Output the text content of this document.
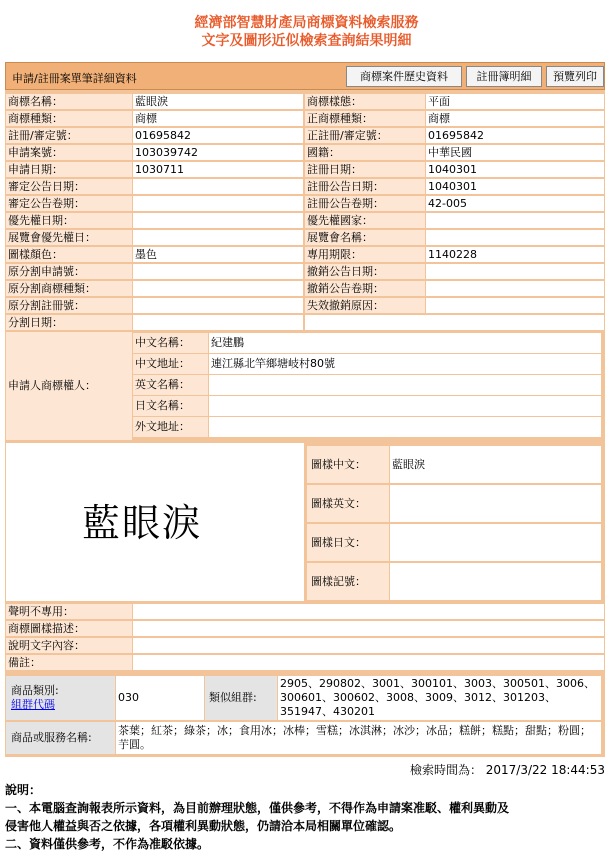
經濟部智慧財產局商標資料檢索服務
文字及圖形近似檢索查詢結果明細
申請/註冊案單筆詳細資料	商標案件歷史資料	註冊簿明細	預覽列印
商標名稱：	藍眼淚	商標樣態：	平面
商標種類：	商標	正商標種類：	商標
註冊/審定號：	01695842	正註冊/審定號：	01695842
申請案號：	103039742	國籍：	中華民國
申請日期：	1030711	註冊日期：	1040301
審定公告日期：	註冊公告日期：	1040301
審定公告卷期：	註冊公告卷期：	42-005
優先權日期：	優先權國家：
展覽會優先權日：	展覽會名稱：
圖樣顏色：	墨色	專用期限：	1140228
原分割申請號：	撤銷公告日期：
原分割商標種類：	撤銷公告卷期：
原分割註冊號：	失效撤銷原因：
分割日期：
申請人商標權人：
中文名稱：	紀建鵬
中文地址：	連江縣北竿鄉塘岐村80號
英文名稱：
日文名稱：
外文地址：
藍眼淚
圖樣中文：	藍眼淚
圖樣英文：
圖樣日文：
圖樣記號：
聲明不專用：
商標圖樣描述：
說明文字內容：
備註：
商品類別:
組群代碼
030	類似組群:
2905、290802、3001、300101、3003、300501、3006、300601、300602、3008、3009、3012、301203、351947、430201
商品或服務名稱:
茶葉；紅茶；綠茶；冰；食用冰；冰棒；雪糕；冰淇淋；冰沙；冰品；糕餅；糕點；甜點；粉圓；芋圓。
檢索時間為： 2017/3/22 18:44:53
說明：
一、本電腦查詢報表所示資料，為目前辦理狀態，僅供參考，不得作為申請案准駁、權利異動及
侵害他人權益與否之依據，各項權利異動狀態，仍請洽本局相關單位確認。
二、資料僅供參考，不作為准駁依據。
